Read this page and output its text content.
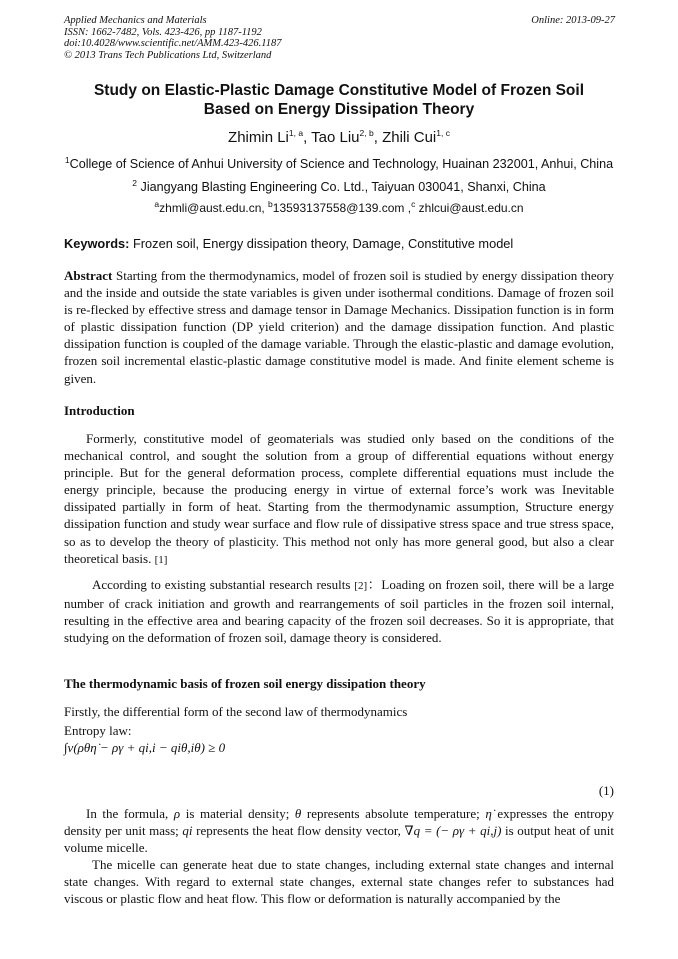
Applied Mechanics and Materials
ISSN: 1662-7482, Vols. 423-426, pp 1187-1192
doi:10.4028/www.scientific.net/AMM.423-426.1187
© 2013 Trans Tech Publications Ltd, Switzerland
Online: 2013-09-27
Study on Elastic-Plastic Damage Constitutive Model of Frozen Soil
Based on Energy Dissipation Theory
Zhimin Li$^{1, a}$, Tao Liu$^{2, b}$, Zhili Cui$^{1, c}$
$^1$College of Science of Anhui University of Science and Technology, Huainan 232001, Anhui, China
$^2$ Jiangyang Blasting Engineering Co. Ltd., Taiyuan 030041, Shanxi, China
$^a$zhmli@aust.edu.cn, $^b$13593137558@139.com ,$^c$ zhlcui@aust.edu.cn
Keywords: Frozen soil, Energy dissipation theory, Damage, Constitutive model
Abstract Starting from the thermodynamics, model of frozen soil is studied by energy dissipation theory and the inside and outside the state variables is given under isothermal conditions. Damage of frozen soil is re-flecked by effective stress and damage tensor in Damage Mechanics. Dissipation function is in form of plastic dissipation function (DP yield criterion) and the damage dissipation function. And plastic dissipation function is coupled of the damage variable. Through the elastic-plastic and damage evolution, frozen soil incremental elastic-plastic damage constitutive model is made. And finite element scheme is given.
Introduction
Formerly, constitutive model of geomaterials was studied only based on the conditions of the mechanical control, and sought the solution from a group of differential equations without energy principle. But for the general deformation process, complete differential equations must include the energy principle, because the producing energy in virtue of external force’s work was Inevitable dissipated partially in form of heat. Starting from the thermodynamic assumption, Structure energy dissipation function and study wear surface and flow rule of dissipative stress space and true stress space, so as to develop the theory of plasticity. This method not only has more general good, but also a clear theoretical basis. [1]
According to existing substantial research results [2]：Loading on frozen soil, there will be a large number of crack initiation and growth and rearrangements of soil particles in the frozen soil internal, resulting in the effective area and bearing capacity of the frozen soil decreases. So it is appropriate, that studying on the deformation of frozen soil, damage theory is considered.
The thermodynamic basis of frozen soil energy dissipation theory
Firstly, the differential form of the second law of thermodynamics
Entropy law:
∫v(ρθη̇ − ργ + qi,i − qiθ,iθ) ≥ 0
(1)
In the formula, ρ is material density; θ represents absolute temperature; η̇ expresses the entropy density per unit mass; qi represents the heat flow density vector, ∇q = (− ργ + qi,j) is output heat of unit volume micelle.
The micelle can generate heat due to state changes, including external state changes and internal state changes. With regard to external state changes, external state changes refer to substances had viscous or plastic flow and heat flow. This flow or deformation is naturally accompanied by the
